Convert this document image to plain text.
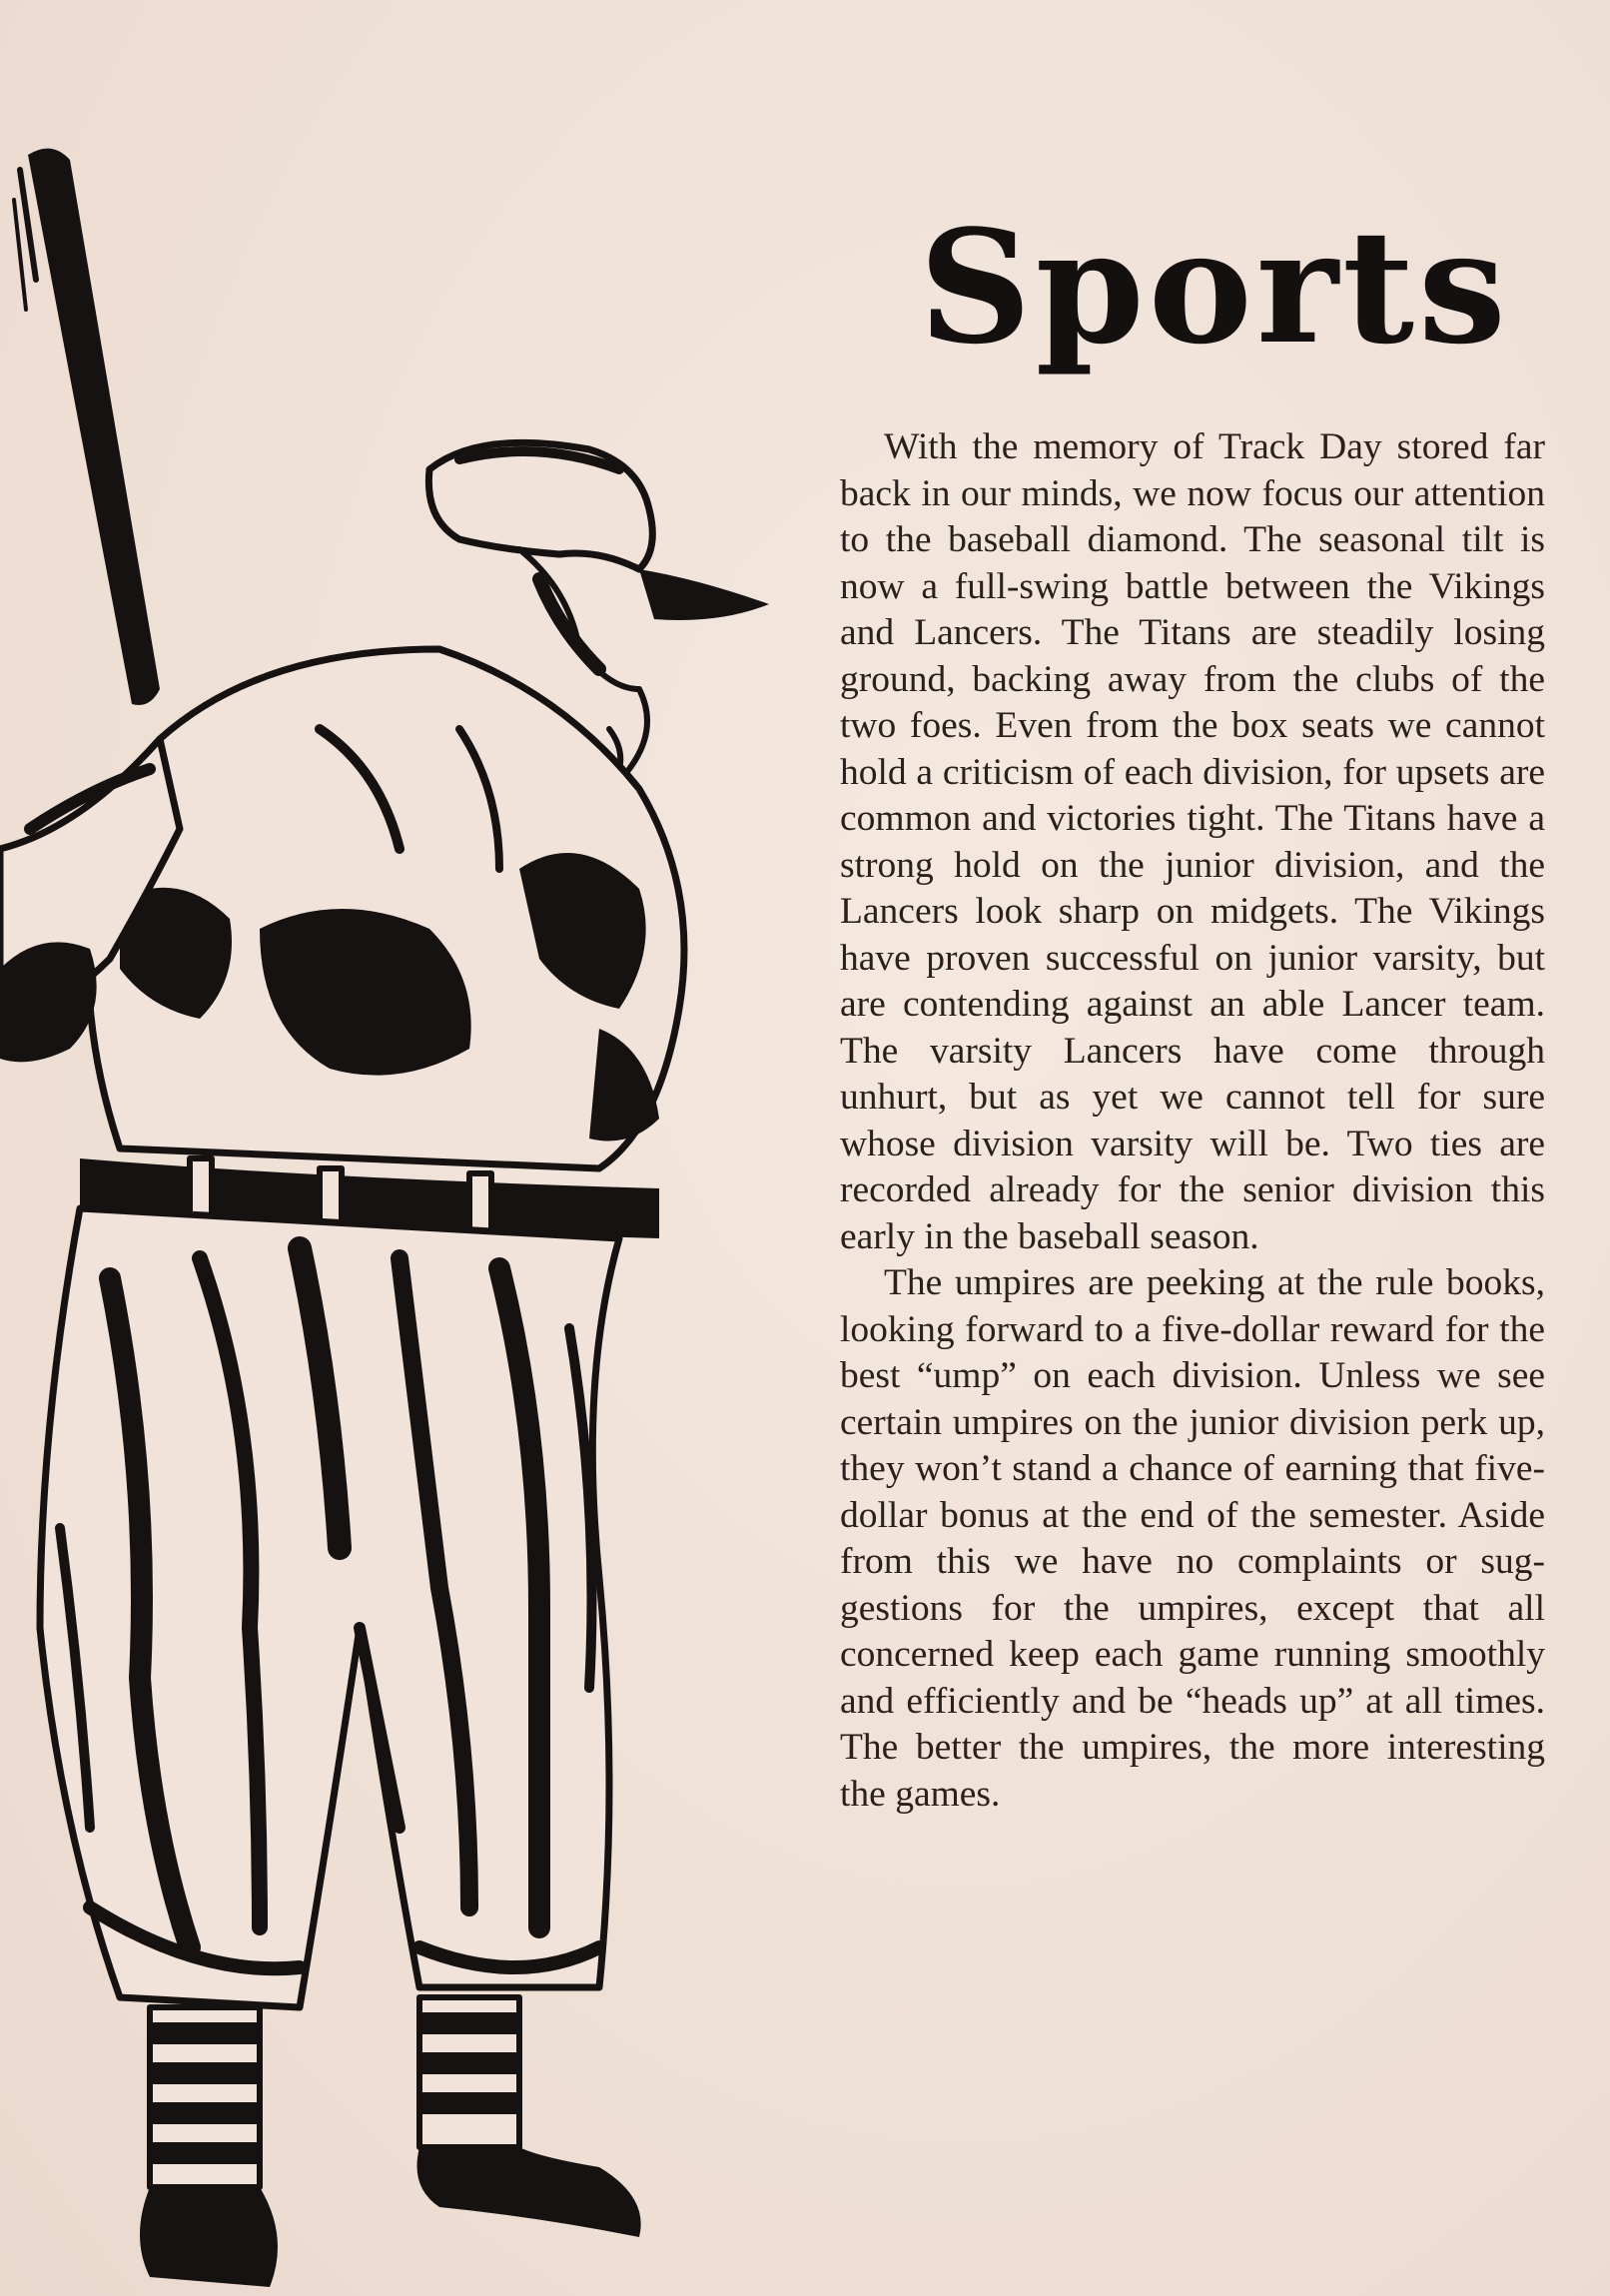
Sports

With the memory of Track Day stored far back in our minds, we now focus our attention to the baseball diamond. The seasonal tilt is now a full-swing battle between the Vikings and Lancers. The Titans are steadily losing ground, backing away from the clubs of the two foes. Even from the box seats we cannot hold a criticism of each division, for upsets are common and victories tight. The Titans have a strong hold on the junior division, and the Lancers look sharp on midgets. The Vikings have proven successful on junior varsity, but are contending against an able Lancer team. The varsity Lancers have come through unhurt, but as yet we cannot tell for sure whose division varsity will be. Two ties are recorded already for the senior division this early in the baseball season.

The umpires are peeking at the rule books, looking forward to a five-dollar reward for the best “ump” on each division. Unless we see certain umpires on the junior division perk up, they won’t stand a chance of earning that five-dollar bonus at the end of the semester. Aside from this we have no complaints or suggestions for the umpires, except that all concerned keep each game running smoothly and efficiently and be “heads up” at all times. The better the umpires, the more interesting the games.
